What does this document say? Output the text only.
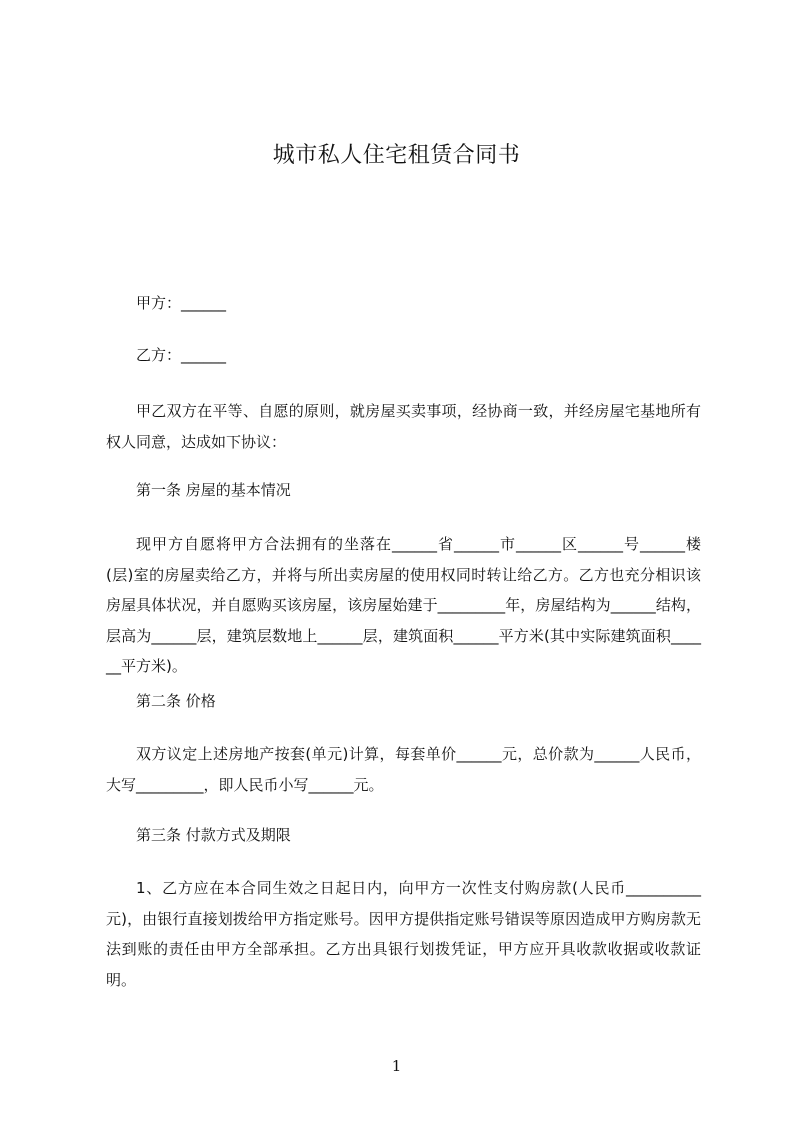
城市私人住宅租赁合同书
甲方：______
乙方：______
甲乙双方在平等、自愿的原则，就房屋买卖事项，经协商一致，并经房屋宅基地所有权人同意，达成如下协议：
第一条 房屋的基本情况
现甲方自愿将甲方合法拥有的坐落在______省______市______区______号______楼(层)室的房屋卖给乙方，并将与所出卖房屋的使用权同时转让给乙方。乙方也充分相识该房屋具体状况，并自愿购买该房屋，该房屋始建于_________年，房屋结构为______结构，层高为______层，建筑层数地上______层，建筑面积______平方米(其中实际建筑面积______平方米)。
第二条 价格
双方议定上述房地产按套(单元)计算，每套单价______元，总价款为______人民币，大写_________，即人民币小写______元。
第三条 付款方式及期限
1、乙方应在本合同生效之日起日内，向甲方一次性支付购房款(人民币__________元)，由银行直接划拨给甲方指定账号。因甲方提供指定账号错误等原因造成甲方购房款无法到账的责任由甲方全部承担。乙方出具银行划拨凭证，甲方应开具收款收据或收款证明。
1
